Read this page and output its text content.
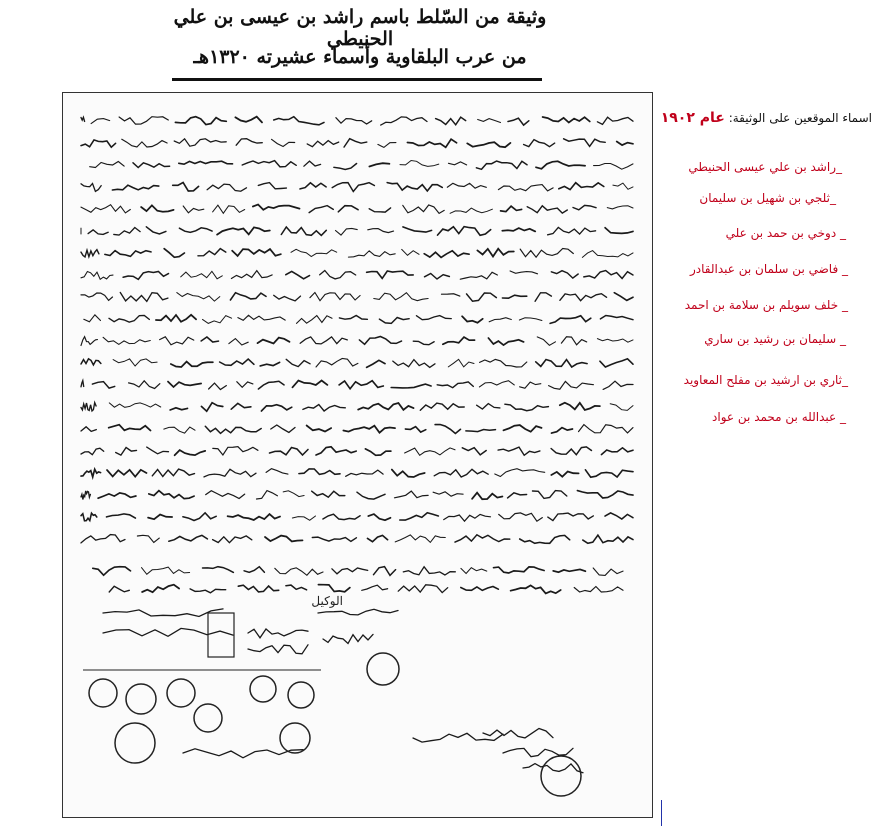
وثيقة من السّلط باسم راشد بن عيسى بن علي الحنيطي
من عرب البلقاوية وأسماء عشيرته ١٣٢٠هـ
الوكيل
اسماء الموقعين على الوثيقة: عام ١٩٠٢
_راشد بن علي عيسى الحنيطي
_ثلجي بن شهيل بن سليمان
_ دوخي بن حمد بن علي
_ فاضي بن سلمان بن عبدالقادر
_ خلف سويلم بن سلامة بن احمد
_ سليمان بن رشيد بن ساري
_ثاري بن ارشيد بن مفلح المعاويد
_ عبدالله بن محمد بن عواد
